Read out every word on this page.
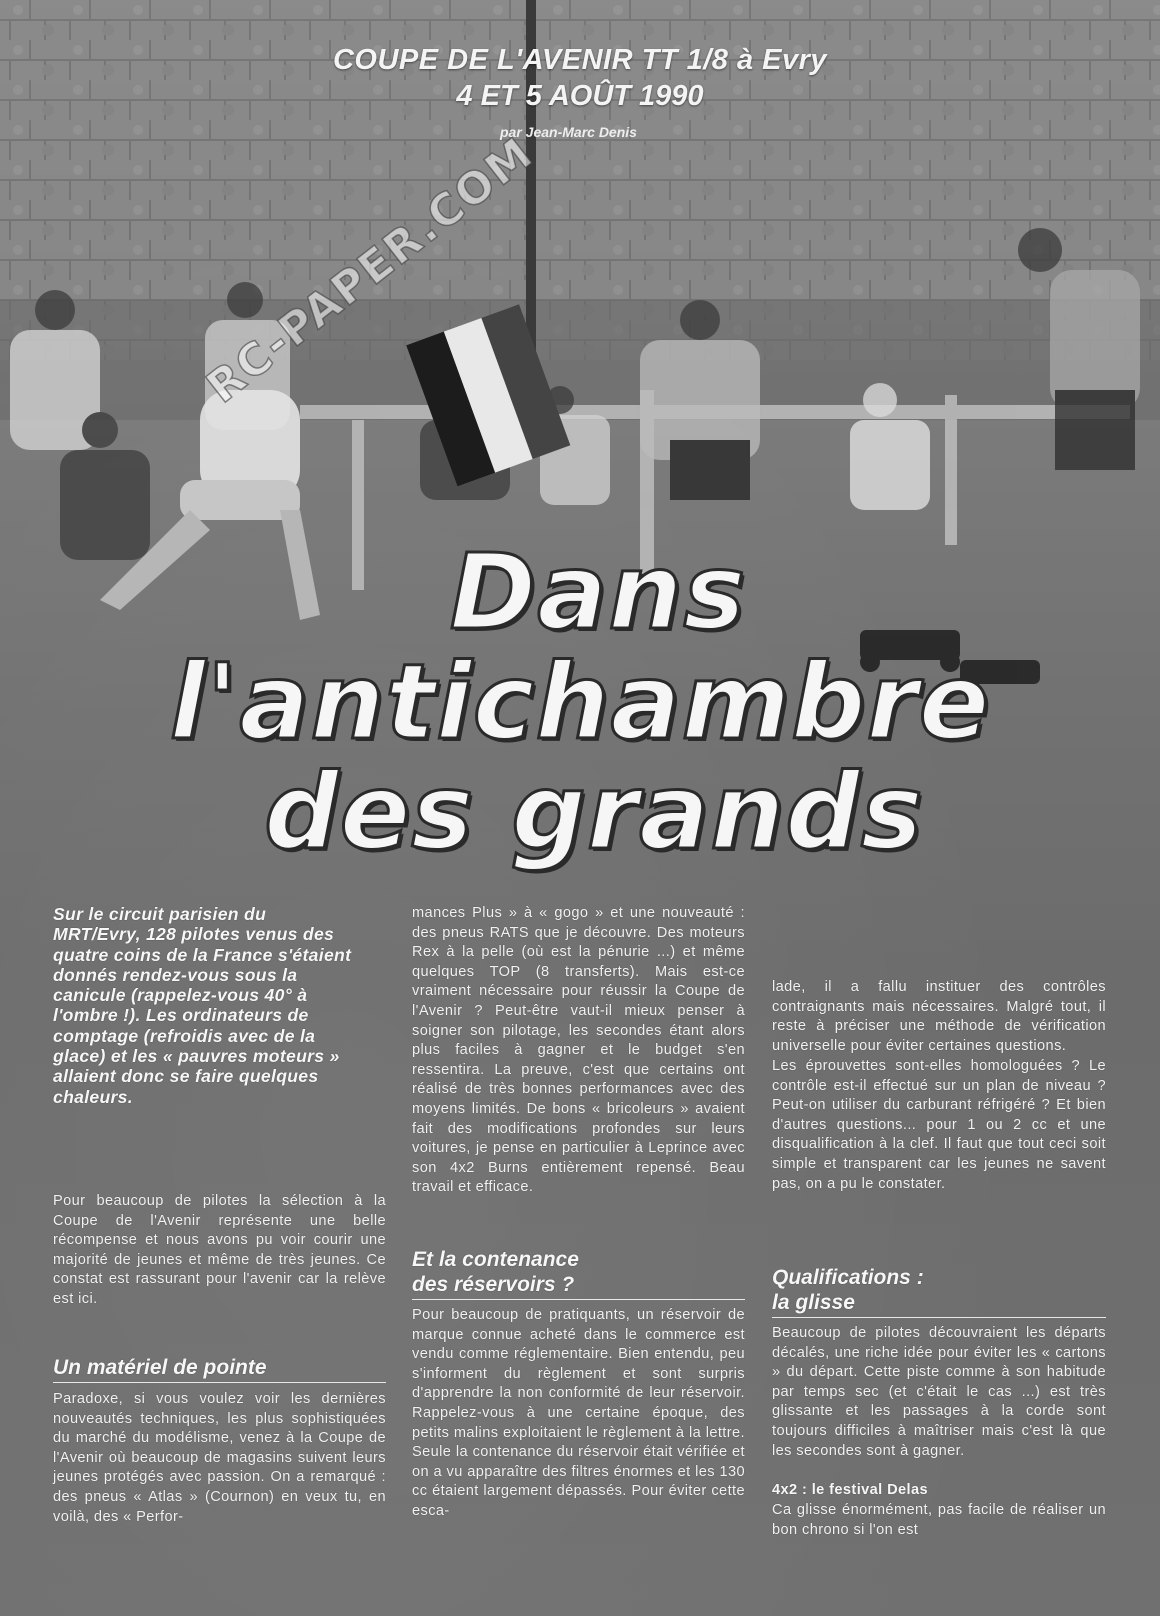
RC-PAPER.COM
COUPE DE L'AVENIR TT 1/8 à Evry
4 ET 5 AOÛT 1990
par Jean-Marc Denis
Dans
l'antichambre
des grands
Sur le circuit parisien du MRT/Evry, 128 pilotes venus des quatre coins de la France s'étaient donnés rendez-vous sous la canicule (rappelez-vous 40° à l'ombre !). Les ordinateurs de comptage (refroidis avec de la glace) et les « pauvres moteurs » allaient donc se faire quelques chaleurs.
Pour beaucoup de pilotes la sélection à la Coupe de l'Avenir représente une belle récompense et nous avons pu voir courir une majorité de jeunes et même de très jeunes. Ce constat est rassurant pour l'avenir car la relève est ici.
Un matériel de pointe
Paradoxe, si vous voulez voir les dernières nouveautés techniques, les plus sophistiquées du marché du modélisme, venez à la Coupe de l'Avenir où beaucoup de magasins suivent leurs jeunes protégés avec passion. On a remarqué : des pneus « Atlas » (Cournon) en veux tu, en voilà, des « Perfor-
mances Plus » à « gogo » et une nouveauté : des pneus RATS que je découvre. Des moteurs Rex à la pelle (où est la pénurie ...) et même quelques TOP (8 transferts). Mais est-ce vraiment nécessaire pour réussir la Coupe de l'Avenir ? Peut-être vaut-il mieux penser à soigner son pilotage, les secondes étant alors plus faciles à gagner et le budget s'en ressentira. La preuve, c'est que certains ont réalisé de très bonnes performances avec des moyens limités. De bons « bricoleurs » avaient fait des modifications profondes sur leurs voitures, je pense en particulier à Leprince avec son 4x2 Burns entièrement repensé. Beau travail et efficace.
Et la contenance
des réservoirs ?
Pour beaucoup de pratiquants, un réservoir de marque connue acheté dans le commerce est vendu comme réglementaire. Bien entendu, peu s'informent du règlement et sont surpris d'apprendre la non conformité de leur réservoir. Rappelez-vous à une certaine époque, des petits malins exploitaient le règlement à la lettre. Seule la contenance du réservoir était vérifiée et on a vu apparaître des filtres énormes et les 130 cc étaient largement dépassés. Pour éviter cette esca-
lade, il a fallu instituer des contrôles contraignants mais nécessaires. Malgré tout, il reste à préciser une méthode de vérification universelle pour éviter certaines questions.
Les éprouvettes sont-elles homologuées ? Le contrôle est-il effectué sur un plan de niveau ? Peut-on utiliser du carburant réfrigéré ? Et bien d'autres questions... pour 1 ou 2 cc et une disqualification à la clef. Il faut que tout ceci soit simple et transparent car les jeunes ne savent pas, on a pu le constater.
Qualifications :
la glisse
Beaucoup de pilotes découvraient les départs décalés, une riche idée pour éviter les « cartons » du départ. Cette piste comme à son habitude par temps sec (et c'était le cas ...) est très glissante et les passages à la corde sont toujours difficiles à maîtriser mais c'est là que les secondes sont à gagner.
4x2 : le festival Delas
Ca glisse énormément, pas facile de réaliser un bon chrono si l'on est
